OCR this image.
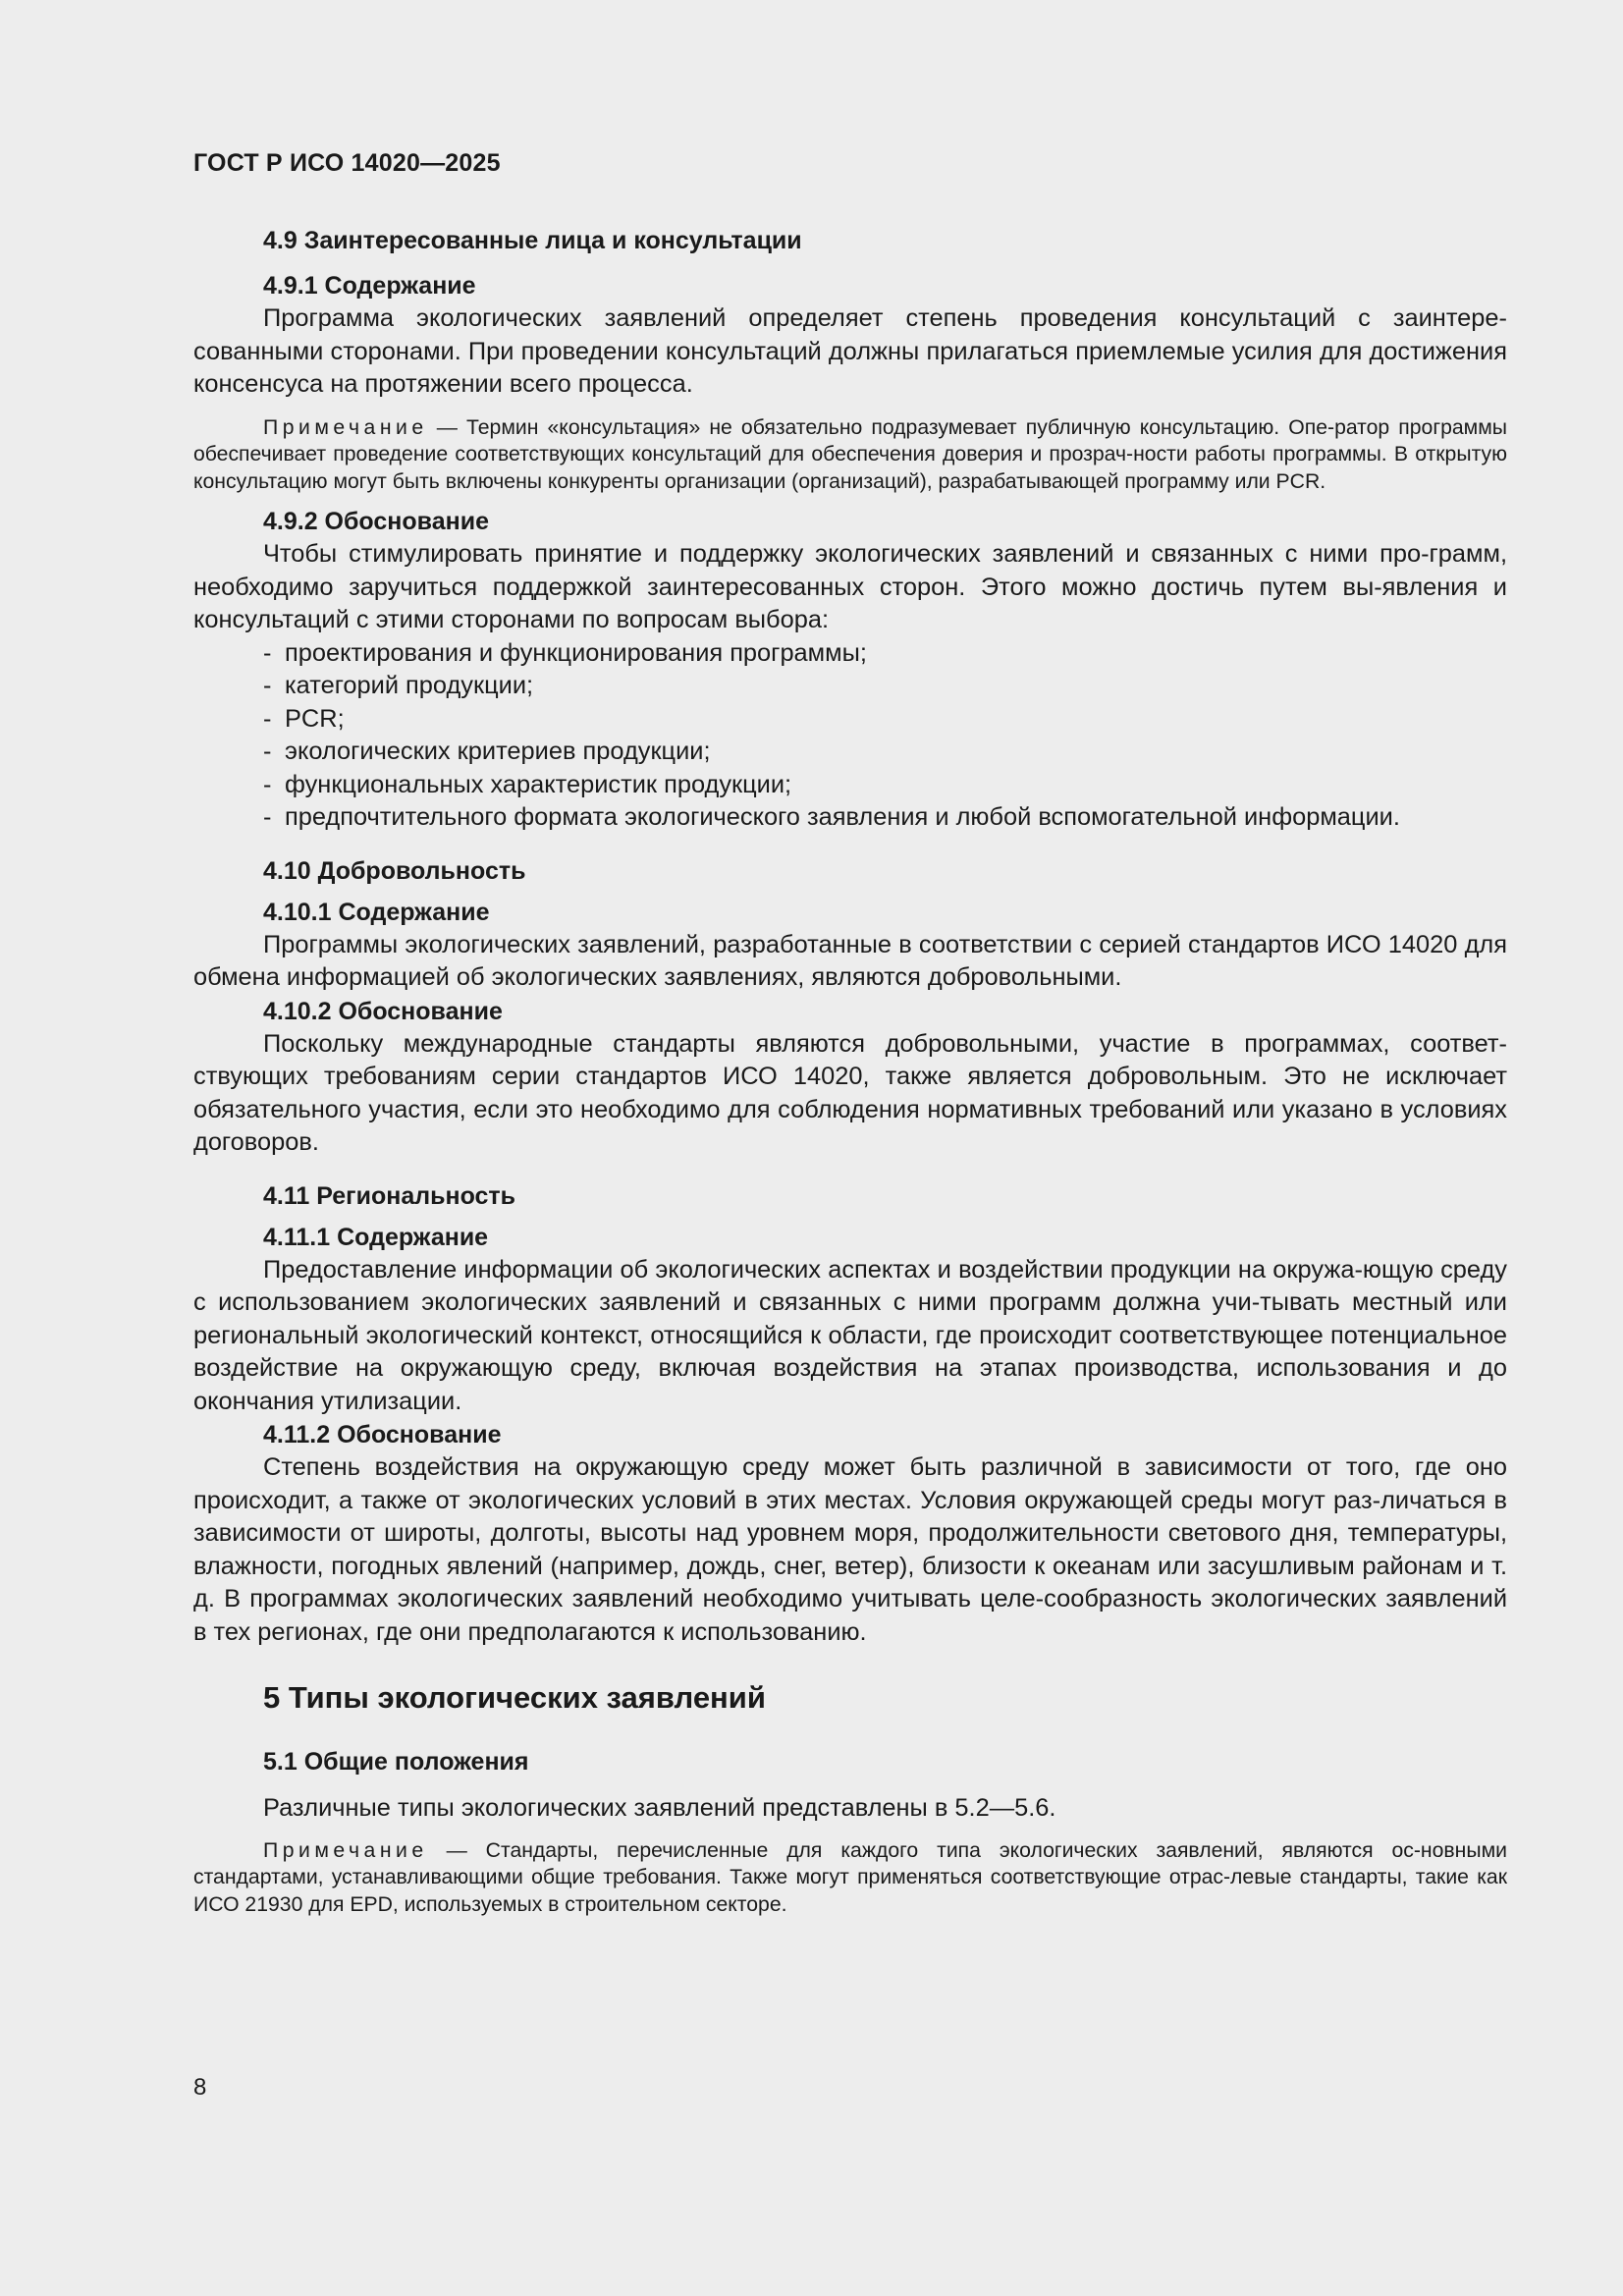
ГОСТ Р ИСО 14020—2025
4.9 Заинтересованные лица и консультации
4.9.1 Содержание

Программа экологических заявлений определяет степень проведения консультаций с заинтере-сованными сторонами. При проведении консультаций должны прилагаться приемлемые усилия для достижения консенсуса на протяжении всего процесса.

Примечание — Термин «консультация» не обязательно подразумевает публичную консультацию. Опе-ратор программы обеспечивает проведение соответствующих консультаций для обеспечения доверия и прозрач-ности работы программы. В открытую консультацию могут быть включены конкуренты организации (организаций), разрабатывающей программу или PCR.

4.9.2 Обоснование

Чтобы стимулировать принятие и поддержку экологических заявлений и связанных с ними про-грамм, необходимо заручиться поддержкой заинтересованных сторон. Этого можно достичь путем вы-явления и консультаций с этими сторонами по вопросам выбора:

- проектирования и функционирования программы;
- категорий продукции;
- PCR;
- экологических критериев продукции;
- функциональных характеристик продукции;
- предпочтительного формата экологического заявления и любой вспомогательной информации.
4.10 Добровольность
4.10.1 Содержание

Программы экологических заявлений, разработанные в соответствии с серией стандартов ИСО 14020 для обмена информацией об экологических заявлениях, являются добровольными.

4.10.2 Обоснование

Поскольку международные стандарты являются добровольными, участие в программах, соответ-ствующих требованиям серии стандартов ИСО 14020, также является добровольным. Это не исключает обязательного участия, если это необходимо для соблюдения нормативных требований или указано в условиях договоров.

4.11 Региональность
4.11.1 Содержание

Предоставление информации об экологических аспектах и воздействии продукции на окружа-ющую среду с использованием экологических заявлений и связанных с ними программ должна учи-тывать местный или региональный экологический контекст, относящийся к области, где происходит соответствующее потенциальное воздействие на окружающую среду, включая воздействия на этапах производства, использования и до окончания утилизации.

4.11.2 Обоснование

Степень воздействия на окружающую среду может быть различной в зависимости от того, где оно происходит, а также от экологических условий в этих местах. Условия окружающей среды могут раз-личаться в зависимости от широты, долготы, высоты над уровнем моря, продолжительности светового дня, температуры, влажности, погодных явлений (например, дождь, снег, ветер), близости к океанам или засушливым районам и т. д. В программах экологических заявлений необходимо учитывать целе-сообразность экологических заявлений в тех регионах, где они предполагаются к использованию.

5 Типы экологических заявлений
5.1 Общие положения

Различные типы экологических заявлений представлены в 5.2—5.6.

Примечание — Стандарты, перечисленные для каждого типа экологических заявлений, являются ос-новными стандартами, устанавливающими общие требования. Также могут применяться соответствующие отрас-левые стандарты, такие как ИСО 21930 для EPD, используемых в строительном секторе.

8
